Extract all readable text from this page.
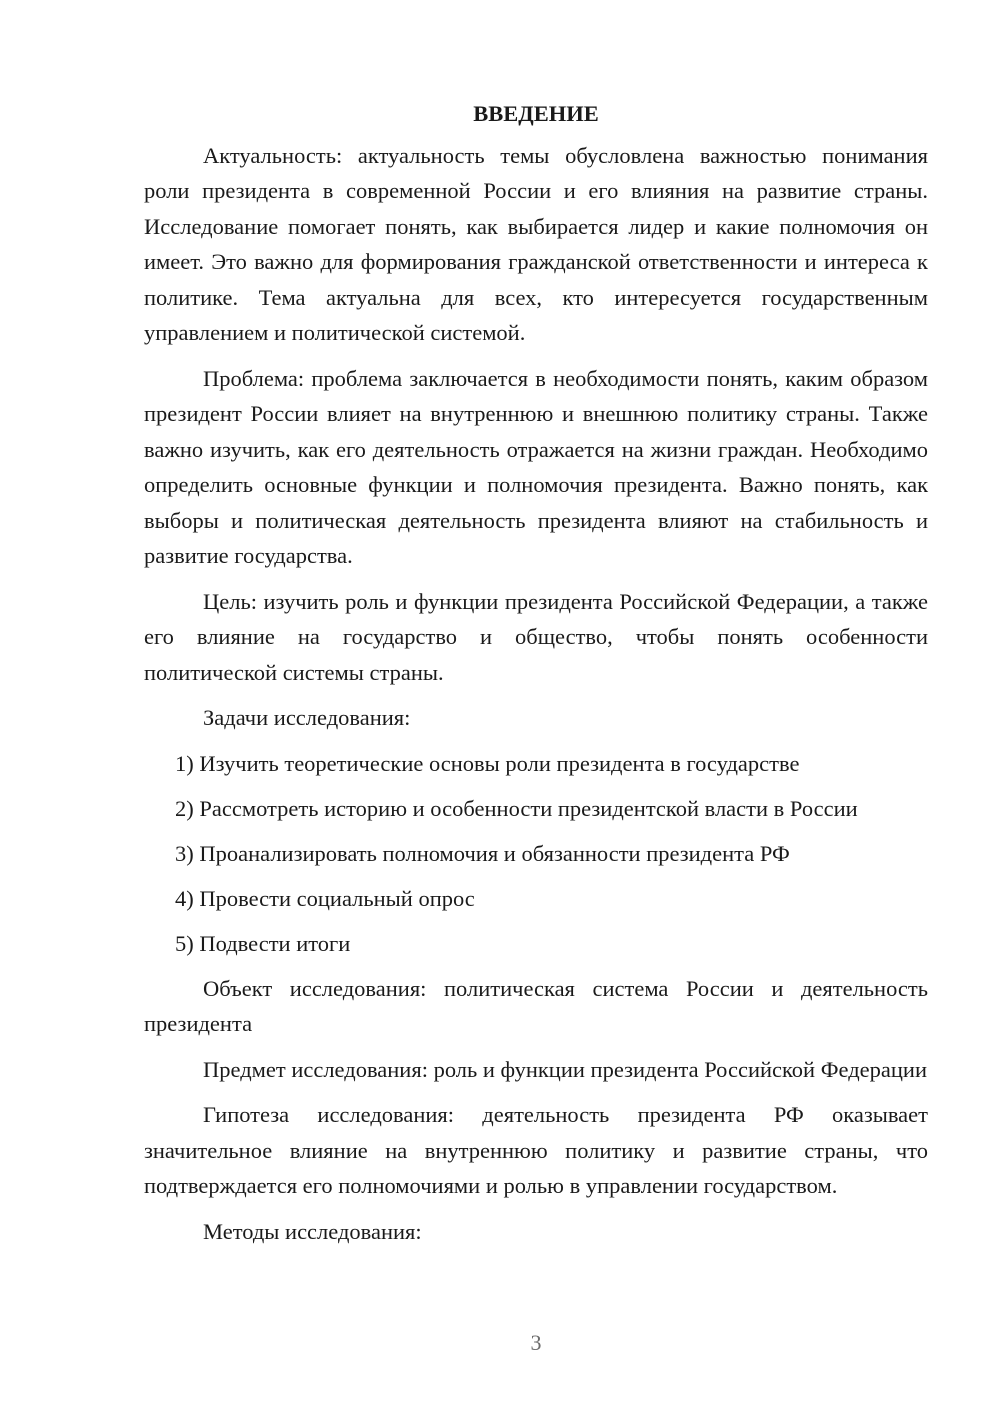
ВВЕДЕНИЕ

Актуальность: актуальность темы обусловлена важностью понимания роли президента в современной России и его влияния на развитие страны. Исследование помогает понять, как выбирается лидер и какие полномочия он имеет. Это важно для формирования гражданской ответственности и интереса к политике. Тема актуальна для всех, кто интересуется государственным управлением и политической системой.

Проблема: проблема заключается в необходимости понять, каким образом президент России влияет на внутреннюю и внешнюю политику страны. Также важно изучить, как его деятельность отражается на жизни граждан. Необходимо определить основные функции и полномочия президента. Важно понять, как выборы и политическая деятельность президента влияют на стабильность и развитие государства.

Цель: изучить роль и функции президента Российской Федерации, а также его влияние на государство и общество, чтобы понять особенности политической системы страны.

Задачи исследования:

1) Изучить теоретические основы роли президента в государстве
2) Рассмотреть историю и особенности президентской власти в России
3) Проанализировать полномочия и обязанности президента РФ
4) Провести социальный опрос
5) Подвести итоги

Объект исследования: политическая система России и деятельность президента

Предмет исследования: роль и функции президента Российской Федерации

Гипотеза исследования: деятельность президента РФ оказывает значительное влияние на внутреннюю политику и развитие страны, что подтверждается его полномочиями и ролью в управлении государством.

Методы исследования:

3
